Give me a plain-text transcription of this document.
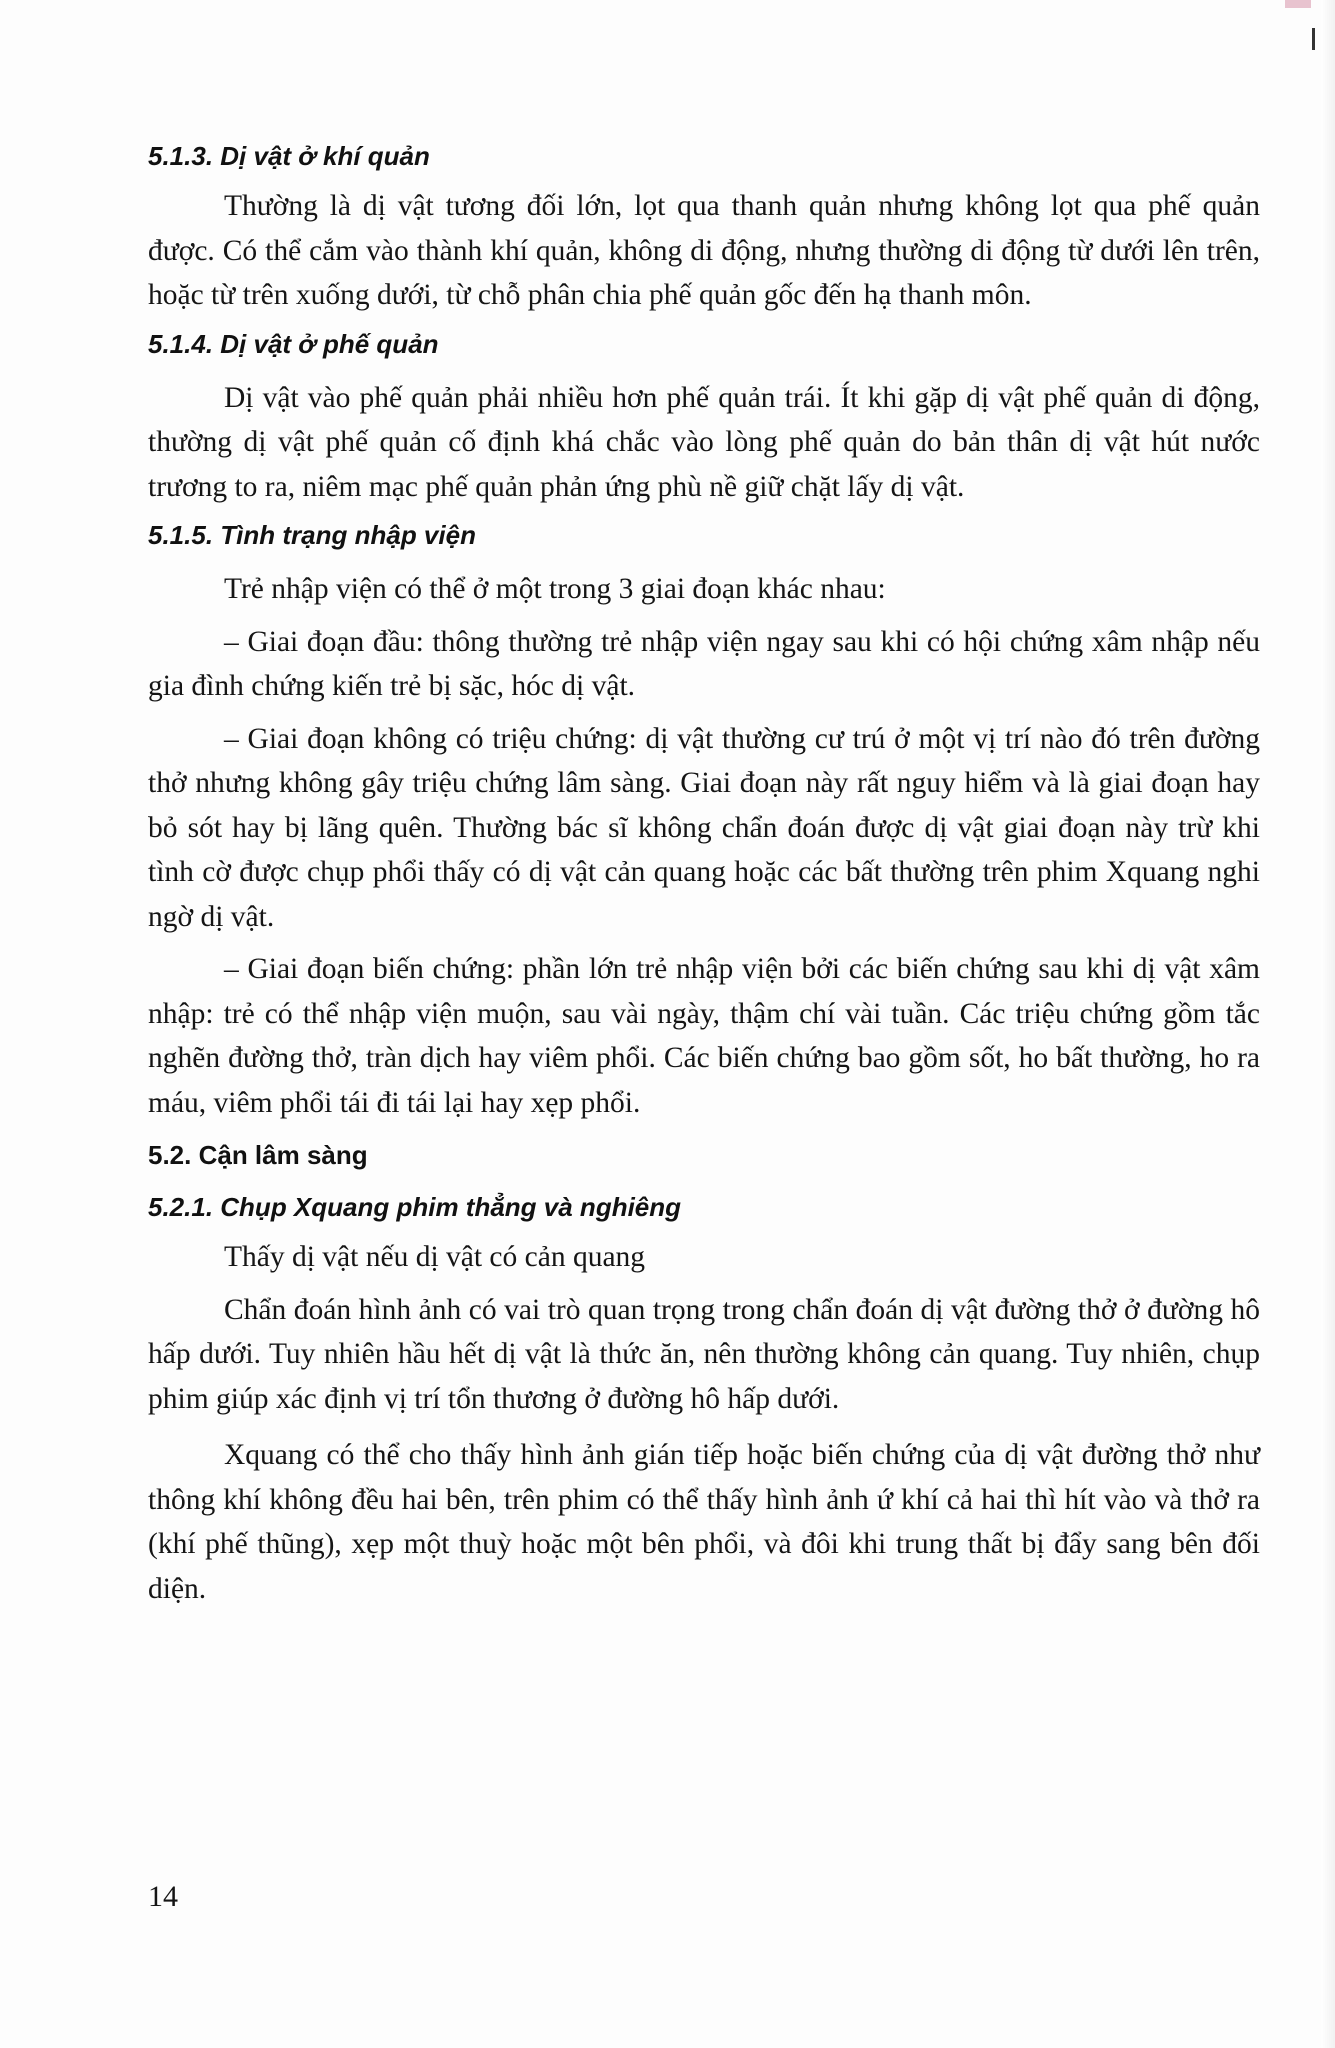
5.1.3. Dị vật ở khí quản

Thường là dị vật tương đối lớn, lọt qua thanh quản nhưng không lọt qua phế quản được. Có thể cắm vào thành khí quản, không di động, nhưng thường di động từ dưới lên trên, hoặc từ trên xuống dưới, từ chỗ phân chia phế quản gốc đến hạ thanh môn.

5.1.4. Dị vật ở phế quản

Dị vật vào phế quản phải nhiều hơn phế quản trái. Ít khi gặp dị vật phế quản di động, thường dị vật phế quản cố định khá chắc vào lòng phế quản do bản thân dị vật hút nước trương to ra, niêm mạc phế quản phản ứng phù nề giữ chặt lấy dị vật.

5.1.5. Tình trạng nhập viện

Trẻ nhập viện có thể ở một trong 3 giai đoạn khác nhau:

– Giai đoạn đầu: thông thường trẻ nhập viện ngay sau khi có hội chứng xâm nhập nếu gia đình chứng kiến trẻ bị sặc, hóc dị vật.

– Giai đoạn không có triệu chứng: dị vật thường cư trú ở một vị trí nào đó trên đường thở nhưng không gây triệu chứng lâm sàng. Giai đoạn này rất nguy hiểm và là giai đoạn hay bỏ sót hay bị lãng quên. Thường bác sĩ không chẩn đoán được dị vật giai đoạn này trừ khi tình cờ được chụp phổi thấy có dị vật cản quang hoặc các bất thường trên phim Xquang nghi ngờ dị vật.

– Giai đoạn biến chứng: phần lớn trẻ nhập viện bởi các biến chứng sau khi dị vật xâm nhập: trẻ có thể nhập viện muộn, sau vài ngày, thậm chí vài tuần. Các triệu chứng gồm tắc nghẽn đường thở, tràn dịch hay viêm phổi. Các biến chứng bao gồm sốt, ho bất thường, ho ra máu, viêm phổi tái đi tái lại hay xẹp phổi.

5.2. Cận lâm sàng
5.2.1. Chụp Xquang phim thẳng và nghiêng

Thấy dị vật nếu dị vật có cản quang

Chẩn đoán hình ảnh có vai trò quan trọng trong chẩn đoán dị vật đường thở ở đường hô hấp dưới. Tuy nhiên hầu hết dị vật là thức ăn, nên thường không cản quang. Tuy nhiên, chụp phim giúp xác định vị trí tổn thương ở đường hô hấp dưới.

Xquang có thể cho thấy hình ảnh gián tiếp hoặc biến chứng của dị vật đường thở như thông khí không đều hai bên, trên phim có thể thấy hình ảnh ứ khí cả hai thì hít vào và thở ra (khí phế thũng), xẹp một thuỳ hoặc một bên phổi, và đôi khi trung thất bị đẩy sang bên đối diện.

14
